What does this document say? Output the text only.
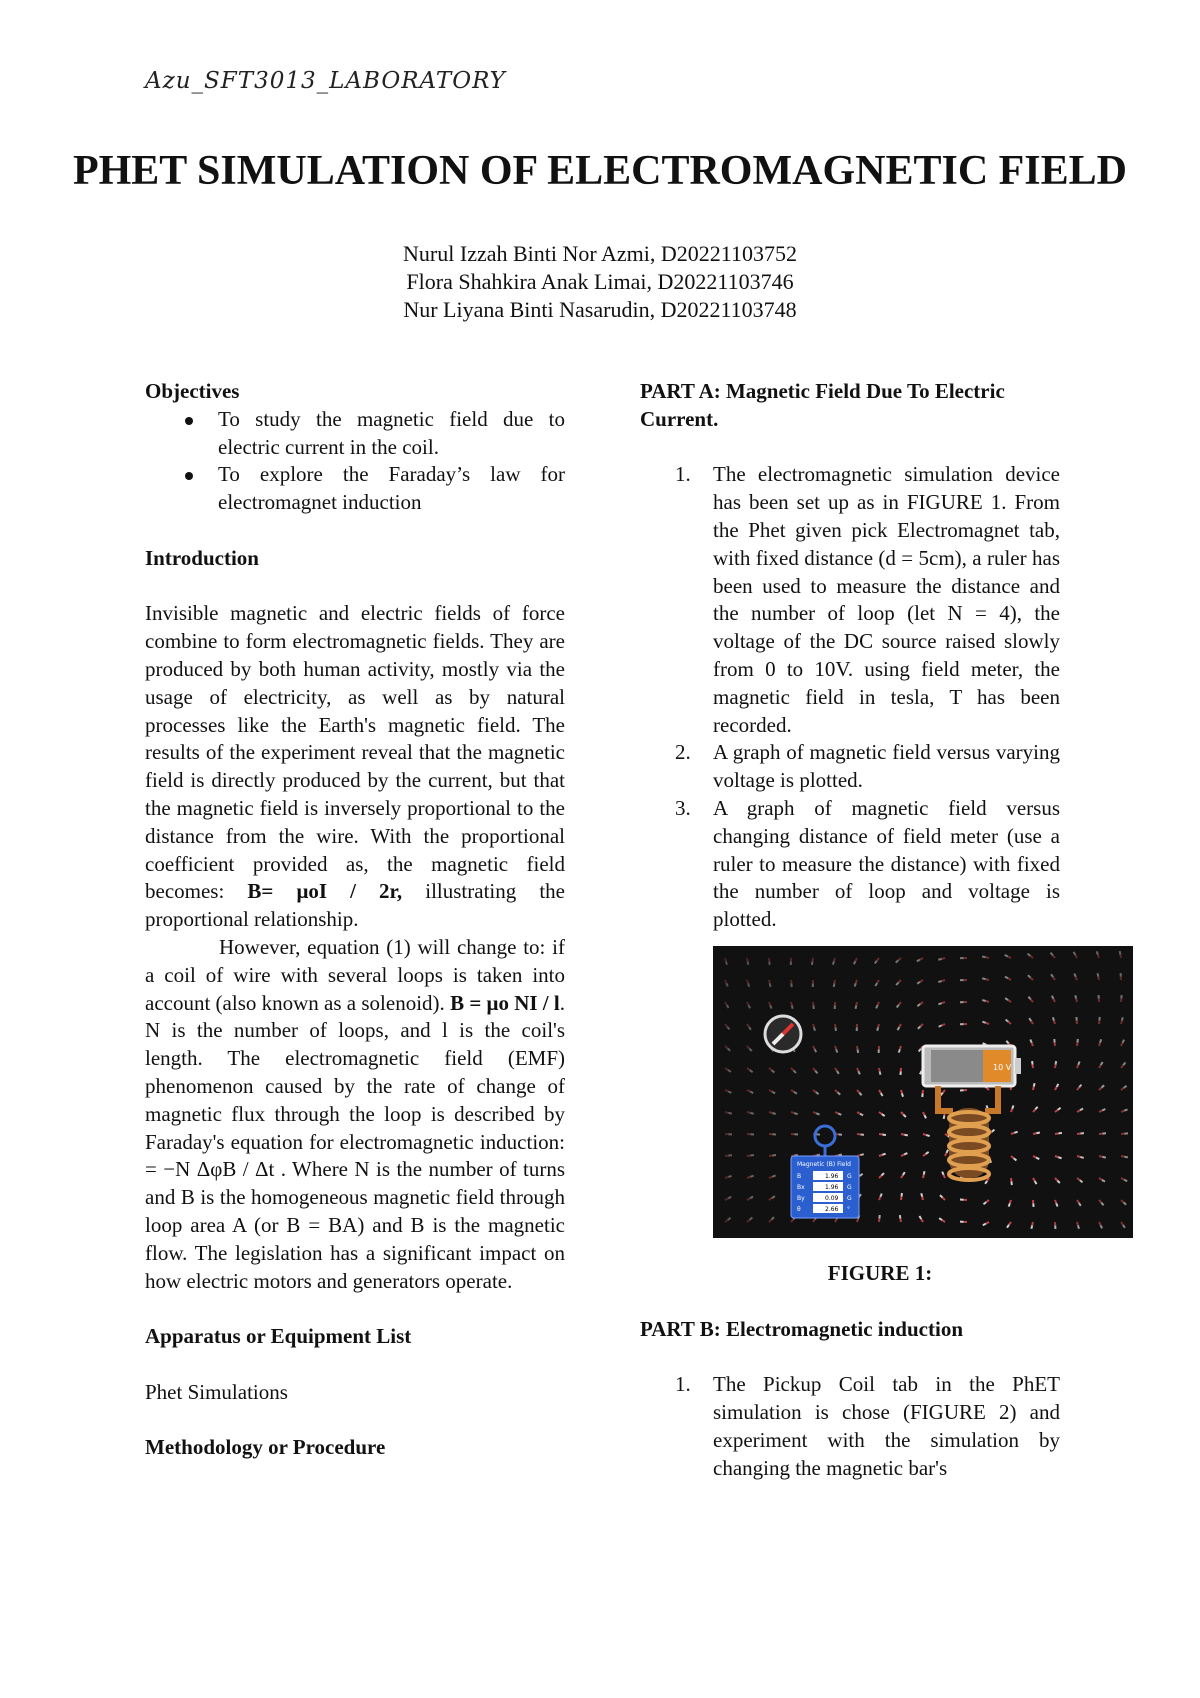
Azu_SFT3013_LABORATORY
PHET SIMULATION OF ELECTROMAGNETIC FIELD
Nurul Izzah Binti Nor Azmi, D20221103752
Flora Shahkira Anak Limai, D20221103746
Nur Liyana Binti Nasarudin, D20221103748

Objectives

To study the magnetic field due to electric current in the coil.
To explore the Faraday’s law for electromagnet induction

Introduction

Invisible magnetic and electric fields of force combine to form electromagnetic fields. They are produced by both human activity, mostly via the usage of electricity, as well as by natural processes like the Earth's magnetic field. The results of the experiment reveal that the magnetic field is directly produced by the current, but that the magnetic field is inversely proportional to the distance from the wire. With the proportional coefficient provided as, the magnetic field becomes: B= μoI / 2r, illustrating the proportional relationship.

However, equation (1) will change to: if a coil of wire with several loops is taken into account (also known as a solenoid). B = μo NI / l. N is the number of loops, and l is the coil's length. The electromagnetic field (EMF) phenomenon caused by the rate of change of magnetic flux through the loop is described by Faraday's equation for electromagnetic induction: = −N ΔφB / Δt . Where N is the number of turns and B is the homogeneous magnetic field through loop area A (or B = BA) and B is the magnetic flow. The legislation has a significant impact on how electric motors and generators operate.

Apparatus or Equipment List

Phet Simulations

Methodology or Procedure

PART A: Magnetic Field Due To Electric
Current.

1. The electromagnetic simulation device has been set up as in FIGURE 1. From the Phet given pick Electromagnet tab, with fixed distance (d = 5cm), a ruler has been used to measure the distance and the number of loop (let N = 4), the voltage of the DC source raised slowly from 0 to 10V. using field meter, the magnetic field in tesla, T has been recorded.
2. A graph of magnetic field versus varying voltage is plotted.
3. A graph of magnetic field versus changing distance of field meter (use a ruler to measure the distance) with fixed the number of loop and voltage is plotted.
10 V
Magnetic (B) Field
B	1.96 G
Bx	1.96 G
By	0.09 G
θ	2.66 °
FIGURE 1:

PART B: Electromagnetic induction

1. The Pickup Coil tab in the PhET simulation is chose (FIGURE 2) and experiment with the simulation by changing the magnetic bar's
